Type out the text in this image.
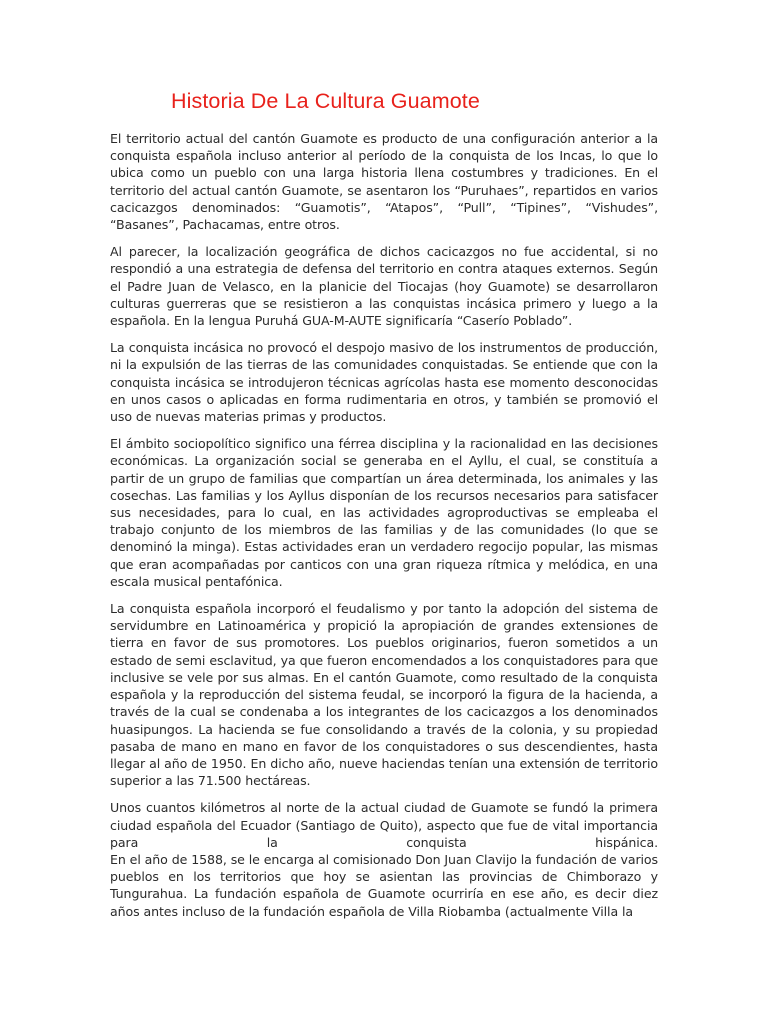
Historia De La Cultura Guamote

El territorio actual del cantón Guamote es producto de una configuración anterior a la conquista española incluso anterior al período de la conquista de los Incas, lo que lo ubica como un pueblo con una larga historia llena costumbres y tradiciones. En el territorio del actual cantón Guamote, se asentaron los “Puruhaes”, repartidos en varios cacicazgos denominados: “Guamotis”, “Atapos”, “Pull”, “Tipines”, “Vishudes”, “Basanes”, Pachacamas, entre otros.

Al parecer, la localización geográfica de dichos cacicazgos no fue accidental, si no respondió a una estrategia de defensa del territorio en contra ataques externos. Según el Padre Juan de Velasco, en la planicie del Tiocajas (hoy Guamote) se desarrollaron culturas guerreras que se resistieron a las conquistas incásica primero y luego a la española. En la lengua Puruhá GUA-M-AUTE significaría “Caserío Poblado”.

La conquista incásica no provocó el despojo masivo de los instrumentos de producción, ni la expulsión de las tierras de las comunidades conquistadas. Se entiende que con la conquista incásica se introdujeron técnicas agrícolas hasta ese momento desconocidas en unos casos o aplicadas en forma rudimentaria en otros, y también se promovió el uso de nuevas materias primas y productos.

El ámbito sociopolítico significo una férrea disciplina y la racionalidad en las decisiones económicas. La organización social se generaba en el Ayllu, el cual, se constituía a partir de un grupo de familias que compartían un área determinada, los animales y las cosechas. Las familias y los Ayllus disponían de los recursos necesarios para satisfacer sus necesidades, para lo cual, en las actividades agroproductivas se empleaba el trabajo conjunto de los miembros de las familias y de las comunidades (lo que se denominó la minga). Estas actividades eran un verdadero regocijo popular, las mismas que eran acompañadas por canticos con una gran riqueza rítmica y melódica, en una escala musical pentafónica.

La conquista española incorporó el feudalismo y por tanto la adopción del sistema de servidumbre en Latinoamérica y propició la apropiación de grandes extensiones de tierra en favor de sus promotores. Los pueblos originarios, fueron sometidos a un estado de semi esclavitud, ya que fueron encomendados a los conquistadores para que inclusive se vele por sus almas. En el cantón Guamote, como resultado de la conquista española y la reproducción del sistema feudal, se incorporó la figura de la hacienda, a través de la cual se condenaba a los integrantes de los cacicazgos a los denominados huasipungos. La hacienda se fue consolidando a través de la colonia, y su propiedad pasaba de mano en mano en favor de los conquistadores o sus descendientes, hasta llegar al año de 1950. En dicho año, nueve haciendas tenían una extensión de territorio superior a las 71.500 hectáreas.

Unos cuantos kilómetros al norte de la actual ciudad de Guamote se fundó la primera ciudad española del Ecuador (Santiago de Quito), aspecto que fue de vital importancia para la conquista hispánica.
En el año de 1588, se le encarga al comisionado Don Juan Clavijo la fundación de varios pueblos en los territorios que hoy se asientan las provincias de Chimborazo y Tungurahua. La fundación española de Guamote ocurriría en ese año, es decir diez años antes incluso de la fundación española de Villa Riobamba (actualmente Villa la
